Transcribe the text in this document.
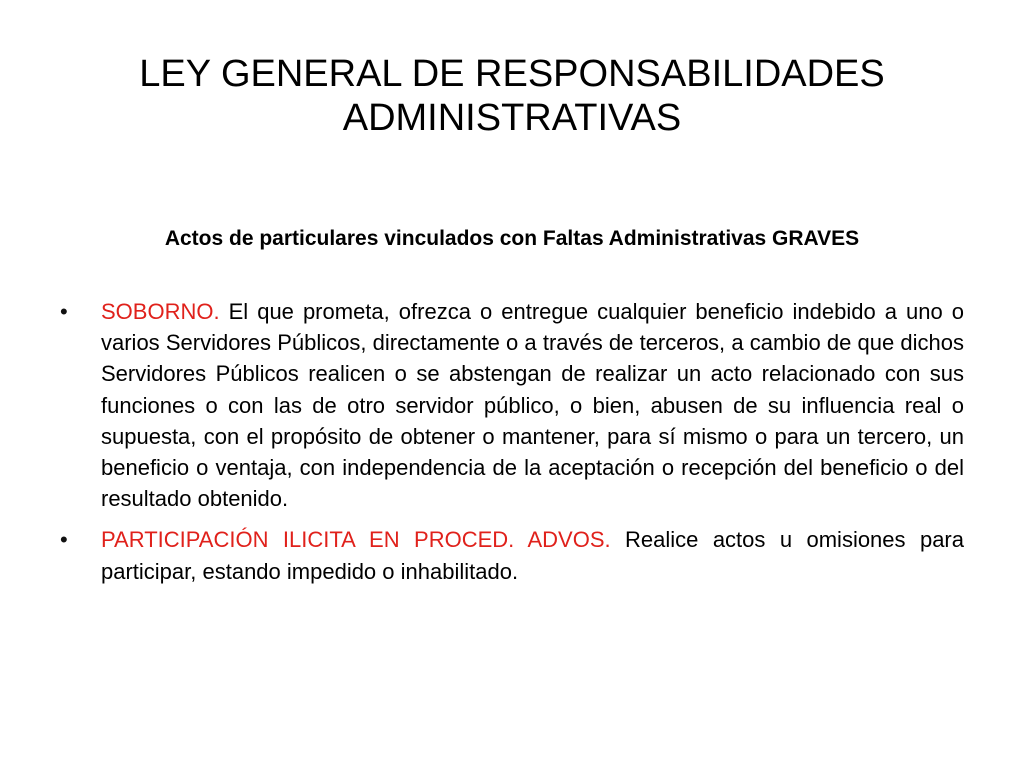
LEY GENERAL DE RESPONSABILIDADES
ADMINISTRATIVAS

Actos de particulares vinculados con Faltas Administrativas GRAVES

•	SOBORNO. El que prometa, ofrezca o entregue cualquier beneficio indebido a uno o varios Servidores Públicos, directamente o a través de terceros, a cambio de que dichos Servidores Públicos realicen o se abstengan de realizar un acto relacionado con sus funciones o con las de otro servidor público, o bien, abusen de su influencia real o supuesta, con el propósito de obtener o mantener, para sí mismo o para un tercero, un beneficio o ventaja, con independencia de la aceptación o recepción del beneficio o del resultado obtenido.
•	PARTICIPACIÓN ILICITA EN PROCED. ADVOS. Realice actos u omisiones para participar, estando impedido o inhabilitado.
